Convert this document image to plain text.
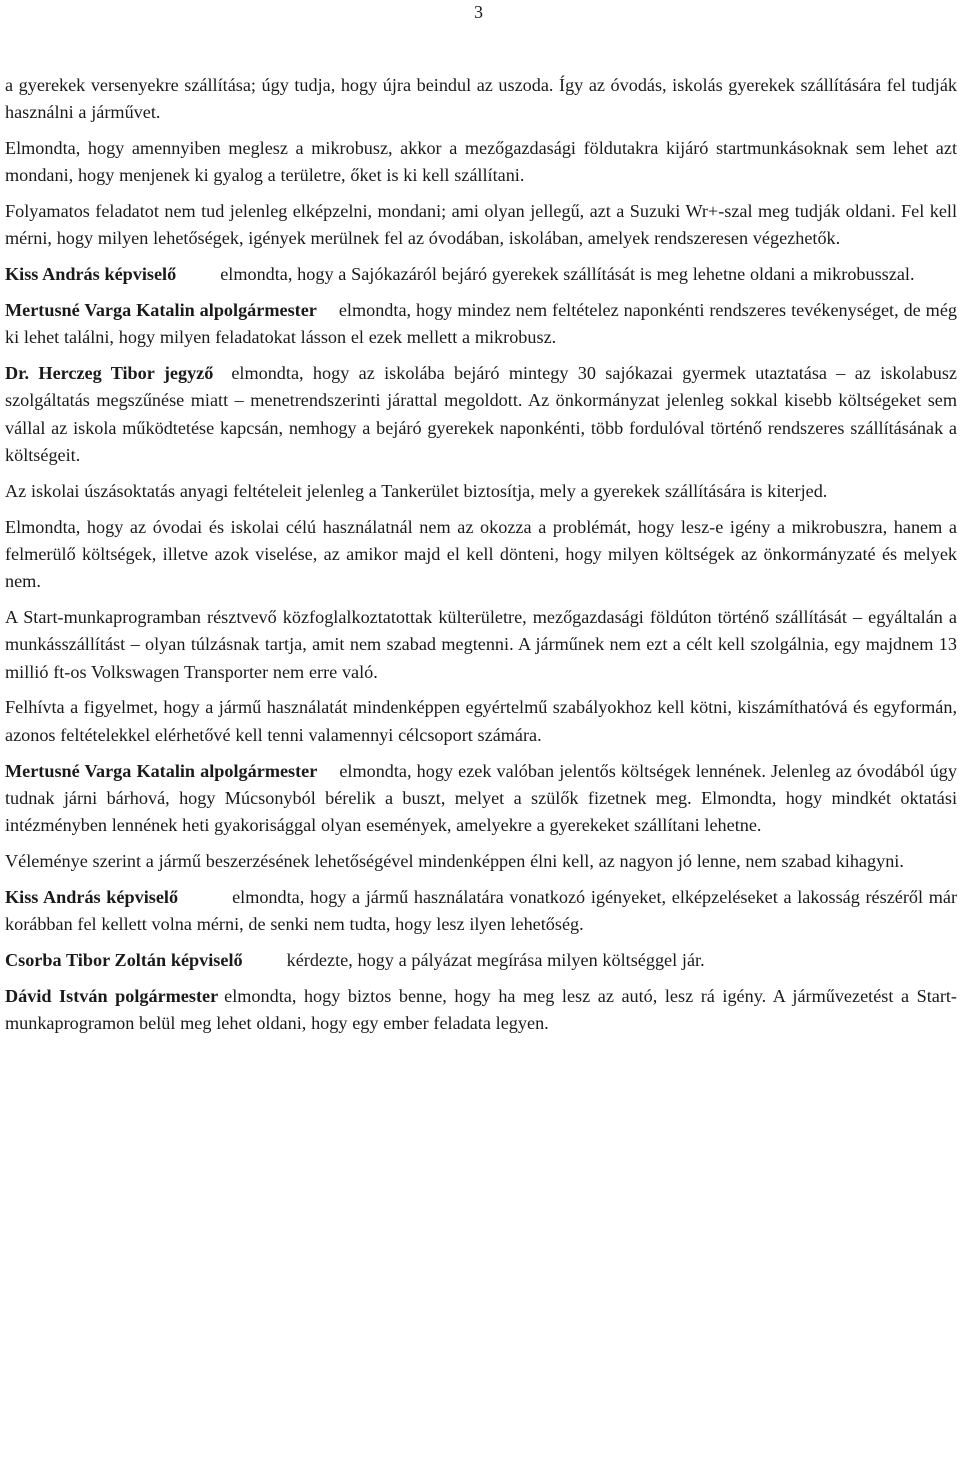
3

a gyerekek versenyekre szállítása; úgy tudja, hogy újra beindul az uszoda. Így az óvodás, iskolás gyerekek szállítására fel tudják használni a járművet.

Elmondta, hogy amennyiben meglesz a mikrobusz, akkor a mezőgazdasági földutakra kijáró startmunkásoknak sem lehet azt mondani, hogy menjenek ki gyalog a területre, őket is ki kell szállítani.

Folyamatos feladatot nem tud jelenleg elképzelni, mondani; ami olyan jellegű, azt a Suzuki Wr+-szal meg tudják oldani. Fel kell mérni, hogy milyen lehetőségek, igények merülnek fel az óvodában, iskolában, amelyek rendszeresen végezhetők.

Kiss András képviselő elmondta, hogy a Sajókazáról bejáró gyerekek szállítását is meg lehetne oldani a mikrobusszal.

Mertusné Varga Katalin alpolgármester elmondta, hogy mindez nem feltételez naponkénti rendszeres tevékenységet, de még ki lehet találni, hogy milyen feladatokat lásson el ezek mellett a mikrobusz.

Dr. Herczeg Tibor jegyző elmondta, hogy az iskolába bejáró mintegy 30 sajókazai gyermek utaztatása – az iskolabusz szolgáltatás megszűnése miatt – menetrendszerinti járattal megoldott. Az önkormányzat jelenleg sokkal kisebb költségeket sem vállal az iskola működtetése kapcsán, nemhogy a bejáró gyerekek naponkénti, több fordulóval történő rendszeres szállításának a költségeit.

Az iskolai úszásoktatás anyagi feltételeit jelenleg a Tankerület biztosítja, mely a gyerekek szállítására is kiterjed.

Elmondta, hogy az óvodai és iskolai célú használatnál nem az okozza a problémát, hogy lesz-e igény a mikrobuszra, hanem a felmerülő költségek, illetve azok viselése, az amikor majd el kell dönteni, hogy milyen költségek az önkormányzaté és melyek nem.

A Start-munkaprogramban résztvevő közfoglalkoztatottak külterületre, mezőgazdasági földúton történő szállítását – egyáltalán a munkásszállítást – olyan túlzásnak tartja, amit nem szabad megtenni. A járműnek nem ezt a célt kell szolgálnia, egy majdnem 13 millió ft-os Volkswagen Transporter nem erre való.

Felhívta a figyelmet, hogy a jármű használatát mindenképpen egyértelmű szabályokhoz kell kötni, kiszámíthatóvá és egyformán, azonos feltételekkel elérhetővé kell tenni valamennyi célcsoport számára.

Mertusné Varga Katalin alpolgármester elmondta, hogy ezek valóban jelentős költségek lennének. Jelenleg az óvodából úgy tudnak járni bárhová, hogy Múcsonyból bérelik a buszt, melyet a szülők fizetnek meg. Elmondta, hogy mindkét oktatási intézményben lennének heti gyakorisággal olyan események, amelyekre a gyerekeket szállítani lehetne.

Véleménye szerint a jármű beszerzésének lehetőségével mindenképpen élni kell, az nagyon jó lenne, nem szabad kihagyni.

Kiss András képviselő	elmondta, hogy a jármű használatára vonatkozó igényeket, elképzeléseket a lakosság részéről már korábban fel kellett volna mérni, de senki nem tudta, hogy lesz ilyen lehetőség.

Csorba Tibor Zoltán képviselő kérdezte, hogy a pályázat megírása milyen költséggel jár.

Dávid István polgármester elmondta, hogy biztos benne, hogy ha meg lesz az autó, lesz rá igény. A járművezetést a Start-munkaprogramon belül meg lehet oldani, hogy egy ember feladata legyen.
